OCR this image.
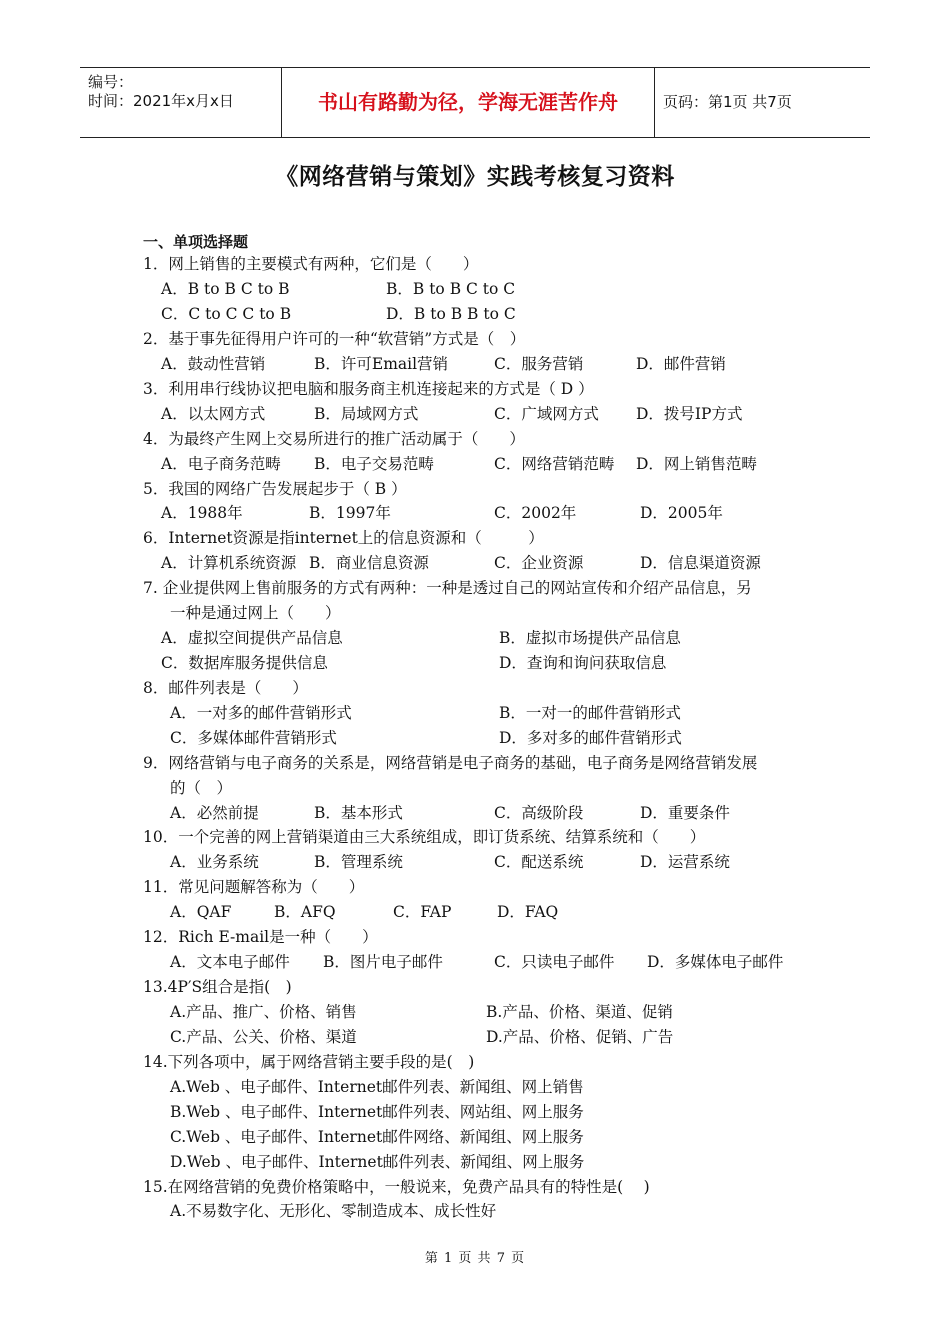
编号：
时间：2021年x月x日	书山有路勤为径，学海无涯苦作舟	页码：第1页 共7页
《网络营销与策划》实践考核复习资料
一、单项选择题
1．网上销售的主要模式有两种，它们是（　　）
A．B to B C to B	B．B to B C to C
C．C to C C to B	D．B to B B to C
2．基于事先征得用户许可的一种“软营销”方式是（　）
A．鼓动性营销	B．许可Email营销	C．服务营销	D．邮件营销
3．利用串行线协议把电脑和服务商主机连接起来的方式是（ D ）
A．以太网方式	B．局域网方式	C．广域网方式 D．拨号IP方式
4．为最终产生网上交易所进行的推广活动属于（　　）
A．电子商务范畴 B．电子交易范畴	C．网络营销范畴 D．网上销售范畴
5．我国的网络广告发展起步于（ B ）
A．1988年	B．1997年	C．2002年	D．2005年
6．Internet资源是指internet上的信息资源和（　　　）
A．计算机系统资源 B．商业信息资源	C．企业资源	D．信息渠道资源
7. 企业提供网上售前服务的方式有两种：一种是透过自己的网站宣传和介绍产品信息，另
一种是通过网上（　　）
A．虚拟空间提供产品信息	B．虚拟市场提供产品信息
C．数据库服务提供信息	D．查询和询问获取信息
8．邮件列表是（　　）
A．一对多的邮件营销形式	B．一对一的邮件营销形式
C．多媒体邮件营销形式	D．多对多的邮件营销形式
9．网络营销与电子商务的关系是，网络营销是电子商务的基础，电子商务是网络营销发展
的（　）
A．必然前提	B．基本形式	C．高级阶段	D．重要条件
10．一个完善的网上营销渠道由三大系统组成，即订货系统、结算系统和（　　）
A．业务系统	B．管理系统	C．配送系统	D．运营系统
11．常见问题解答称为（　　）
A．QAF	B．AFQ	C．FAP	D．FAQ
12．Rich E-mail是一种（　　）
A．文本电子邮件 B．图片电子邮件	C．只读电子邮件 D．多媒体电子邮件
13.4P′S组合是指(　)
A.产品、推广、价格、销售	B.产品、价格、渠道、促销
C.产品、公关、价格、渠道	D.产品、价格、促销、广告
14.下列各项中，属于网络营销主要手段的是(　)
A.Web 、电子邮件、Internet邮件列表、新闻组、网上销售
B.Web 、电子邮件、Internet邮件列表、网站组、网上服务
C.Web 、电子邮件、Internet邮件网络、新闻组、网上服务
D.Web 、电子邮件、Internet邮件列表、新闻组、网上服务
15.在网络营销的免费价格策略中，一般说来，免费产品具有的特性是(　 )
A.不易数字化、无形化、零制造成本、成长性好
第 1 页 共 7 页
